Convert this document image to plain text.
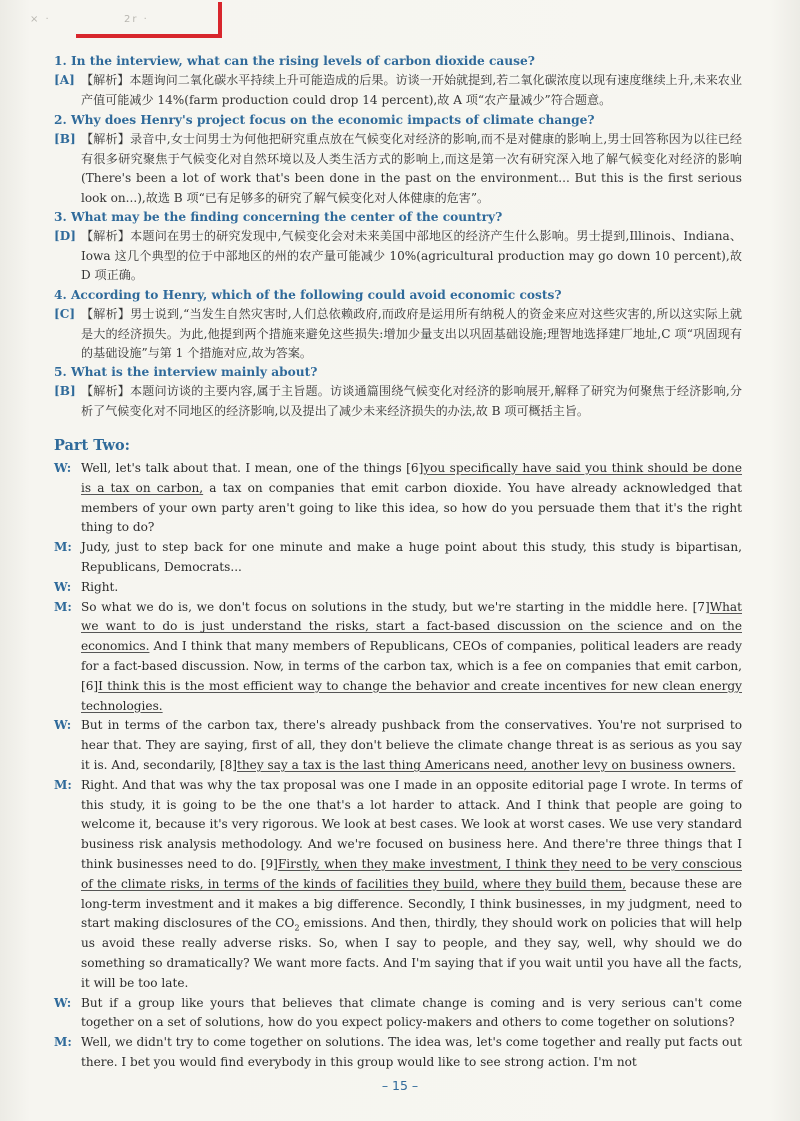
× ·	2r ·
1. In the interview, what can the rising levels of carbon dioxide cause?
[A] 【解析】本题询问二氧化碳水平持续上升可能造成的后果。访谈一开始就提到,若二氧化碳浓度以现有速度继续上升,未来农业产值可能减少 14%(farm production could drop 14 percent),故 A 项“农产量减少”符合题意。
2. Why does Henry's project focus on the economic impacts of climate change?
[B] 【解析】录音中,女士问男士为何他把研究重点放在气候变化对经济的影响,而不是对健康的影响上,男士回答称因为以往已经有很多研究聚焦于气候变化对自然环境以及人类生活方式的影响上,而这是第一次有研究深入地了解气候变化对经济的影响 (There's been a lot of work that's been done in the past on the environment... But this is the first serious look on...),故选 B 项“已有足够多的研究了解气候变化对人体健康的危害”。
3. What may be the finding concerning the center of the country?
[D] 【解析】本题问在男士的研究发现中,气候变化会对未来美国中部地区的经济产生什么影响。男士提到,Illinois、Indiana、Iowa 这几个典型的位于中部地区的州的农产量可能减少 10%(agricultural production may go down 10 percent),故 D 项正确。
4. According to Henry, which of the following could avoid economic costs?
[C] 【解析】男士说到,“当发生自然灾害时,人们总依赖政府,而政府是运用所有纳税人的资金来应对这些灾害的,所以这实际上就是大的经济损失。为此,他提到两个措施来避免这些损失:增加少量支出以巩固基础设施;理智地选择建厂地址,C 项“巩固现有的基础设施”与第 1 个措施对应,故为答案。
5. What is the interview mainly about?
[B] 【解析】本题问访谈的主要内容,属于主旨题。访谈通篇围绕气候变化对经济的影响展开,解释了研究为何聚焦于经济影响,分析了气候变化对不同地区的经济影响,以及提出了减少未来经济损失的办法,故 B 项可概括主旨。
Part Two:
W: Well, let's talk about that. I mean, one of the things [6]you specifically have said you think should be done is a tax on carbon, a tax on companies that emit carbon dioxide. You have already acknowledged that members of your own party aren't going to like this idea, so how do you persuade them that it's the right thing to do?
M: Judy, just to step back for one minute and make a huge point about this study, this study is bipartisan, Republicans, Democrats...
W: Right.
M: So what we do is, we don't focus on solutions in the study, but we're starting in the middle here. [7]What we want to do is just understand the risks, start a fact-based discussion on the science and on the economics. And I think that many members of Republicans, CEOs of companies, political leaders are ready for a fact-based discussion. Now, in terms of the carbon tax, which is a fee on companies that emit carbon, [6]I think this is the most efficient way to change the behavior and create incentives for new clean energy technologies.
W: But in terms of the carbon tax, there's already pushback from the conservatives. You're not surprised to hear that. They are saying, first of all, they don't believe the climate change threat is as serious as you say it is. And, secondarily, [8]they say a tax is the last thing Americans need, another levy on business owners.
M: Right. And that was why the tax proposal was one I made in an opposite editorial page I wrote. In terms of this study, it is going to be the one that's a lot harder to attack. And I think that people are going to welcome it, because it's very rigorous. We look at best cases. We look at worst cases. We use very standard business risk analysis methodology. And we're focused on business here. And there're three things that I think businesses need to do. [9]Firstly, when they make investment, I think they need to be very conscious of the climate risks, in terms of the kinds of facilities they build, where they build them, because these are long-term investment and it makes a big difference. Secondly, I think businesses, in my judgment, need to start making disclosures of the $CO_2$ emissions. And then, thirdly, they should work on policies that will help us avoid these really adverse risks. So, when I say to people, and they say, well, why should we do something so dramatically? We want more facts. And I'm saying that if you wait until you have all the facts, it will be too late.
W: But if a group like yours that believes that climate change is coming and is very serious can't come together on a set of solutions, how do you expect policy-makers and others to come together on solutions?
M: Well, we didn't try to come together on solutions. The idea was, let's come together and really put facts out there. I bet you would find everybody in this group would like to see strong action. I'm not
– 15 –
